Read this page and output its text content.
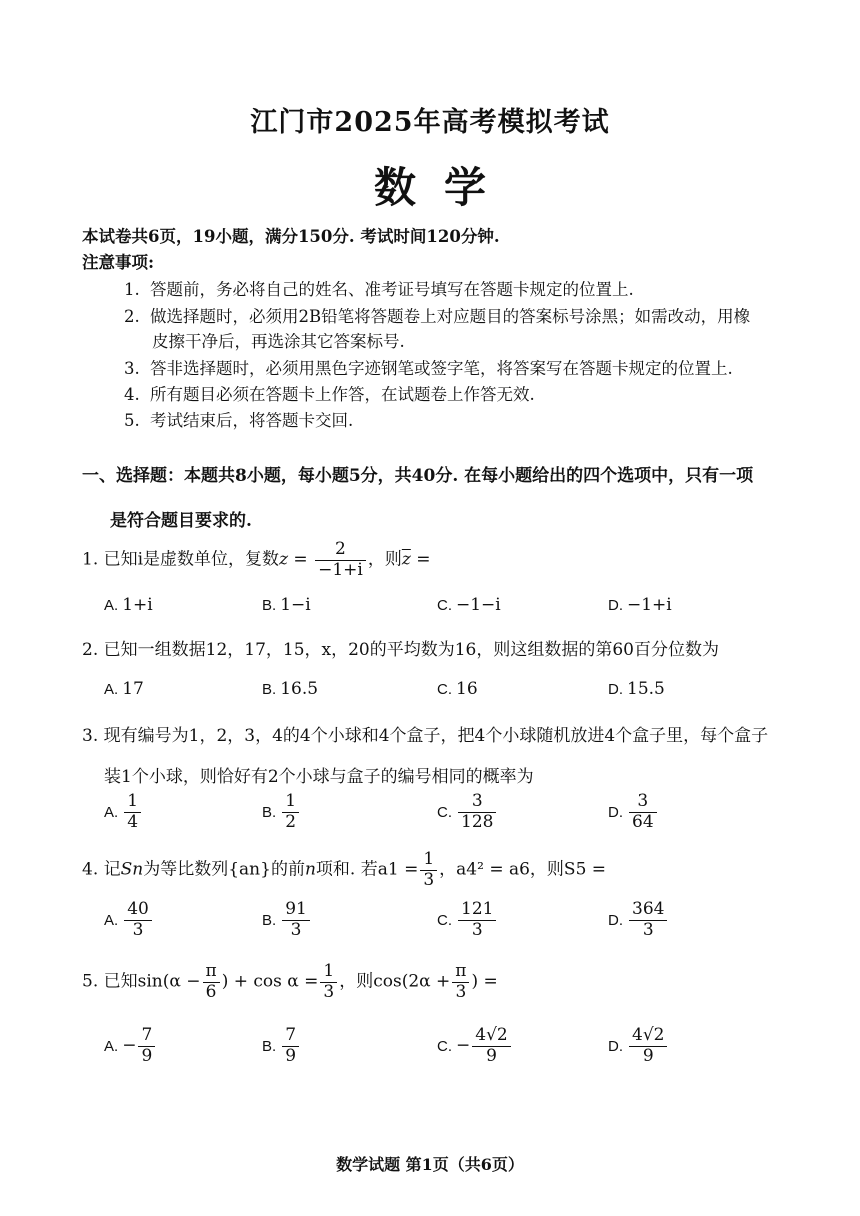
江门市2025年高考模拟考试
数学
本试卷共6页，19小题，满分150分. 考试时间120分钟.
注意事项:
1. 答题前，务必将自己的姓名、准考证号填写在答题卡规定的位置上.
2. 做选择题时，必须用2B铅笔将答题卷上对应题目的答案标号涂黑；如需改动，用橡
皮擦干净后，再选涂其它答案标号.
3. 答非选择题时，必须用黑色字迹钢笔或签字笔，将答案写在答题卡规定的位置上.
4. 所有题目必须在答题卡上作答，在试题卷上作答无效.
5. 考试结束后，将答题卡交回.
一、选择题：本题共8小题，每小题5分，共40分. 在每小题给出的四个选项中，只有一项
是符合题目要求的.
1. 已知i是虚数单位，复数$z = \frac{2}{-1+i}$ ，则$\overline{z}$ =
A. 1+i	B. 1−i	C. −1−i	D. −1+i
2. 已知一组数据12，17，15，x，20的平均数为16，则这组数据的第60百分位数为
A. 17	B. 16.5	C. 16	D. 15.5
3. 现有编号为1，2，3，4的4个小球和4个盒子，把4个小球随机放进4个盒子里，每个盒子
装1个小球，则恰好有2个小球与盒子的编号相同的概率为
A. $\frac{1}{4}$	B. $\frac{1}{2}$	C. $\frac{3}{128}$	D. $\frac{3}{64}$
4. 记Sn为等比数列{an}的前n项和. 若$a1 = \frac{1}{3}$ ，a4² = a6，则S5 =
A. $\frac{40}{3}$	B. $\frac{91}{3}$	C. $\frac{121}{3}$	D. $\frac{364}{3}$
5. 已知$\sin(\alpha - \frac{\pi}{6}$ ) + $\cos \alpha = \frac{1}{3}$ ，则$\cos(2\alpha + \frac{\pi}{3}$ ) =
A. − $\frac{7}{9}$	B. $\frac{7}{9}$	C. − $\frac{4√2}{9}$	D. $\frac{4√2}{9}$
数学试题 第1页（共6页）
